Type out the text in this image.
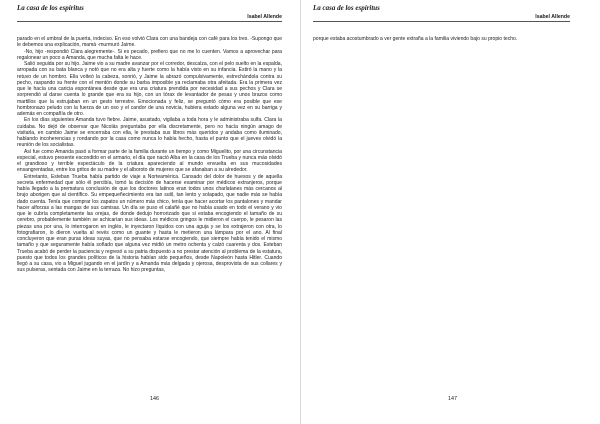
La casa de los espíritus
Isabel Allende

parado en el umbral de la puerta, indeciso. En eso volvió Clara con una bandeja con café para los tres. -Supongo que le debemos una explicación, mamá -murmuró Jaime.

-No, hijo -respondió Clara alegremente-. Si es pecado, prefiero que no me lo cuenten. Vamos a aprovechar para regalonear un poco a Amanda, que mucha falta le hace.

Salió seguida por su hijo. Jaime vio a su madre avanzar por el corredor, descalza, con el pelo suelto en la espalda, arropada con su bata blanca y notó que no era alta y fuerte como la había visto en su infancia. Estiró la mano y la retuvo de un hombro. Ella volteó la cabeza, sonrió, y Jaime la abrazó compulsivamente, estrechándola contra su pecho, raspando su frente con el mentón donde su barba imposible ya reclamaba otra afeitada. Era la primera vez que le hacía una caricia espontánea desde que era una criatura prendida por necesidad a sus pechos y Clara se sorprendió al darse cuenta lo grande que era su hijo, con un tórax de levantador de pesas y unos brazos como martillos que la estrujaban en un gesto terrestre. Emocionada y feliz, se preguntó cómo era posible que ese hombronazo peludo con la fuerza de un oso y el candor de una novicia, hubiera estado alguna vez en su barriga y además en compañía de otro.

En los días siguientes Amanda tuvo fiebre. Jaime, asustado, vigilaba a toda hora y le administraba sulfa. Clara la cuidaba. No dejó de observar que Nicolás preguntaba por ella discretamente, pero no hacía ningún amago de visitarla, en cambio Jaime se encerraba con ella, le prestaba sus libros más queridos y andaba como iluminado, hablando incoherencias y rondando por la casa como nunca lo había hecho, hasta el punto que el jueves olvidó la reunión de los socialistas.

Así fue como Amanda pasó a formar parte de la familia durante un tiempo y como Miguelito, por una circunstancia especial, estuvo presente escondido en el armario, el día que nació Alba en la casa de los Trueba y nunca más olvidó el grandioso y terrible espectáculo de la criatura apareciendo al mundo envuelta en sus mucosidades ensangrentadas, entre los gritos de su madre y el alboroto de mujeres que se afanaban a su alrededor.

Entretanto, Esteban Trueba había partido de viaje a Norteamérica. Cansado del dolor de huesos y de aquella secreta enfermedad que sólo él percibía, tomó la decisión de hacerse examinar por médicos extranjeros, porque había llegado a la prematura conclusión de que los doctores latinos eran todos unos charlatanes más cercanos al brujo aborigen que al científico. Su empequeñecimiento era tan sutil, tan lento y solapado, que nadie más se había dado cuenta. Tenía que comprar los zapatos un número más chico, tenía que hacer acortar los pantalones y mandar hacer alforzas a las mangas de sus camisas. Un día se puso el calañé que no había usado en todo el verano y vio que le cubría completamente las orejas, de donde dedujo horrorizado que si estaba encogiendo el tamaño de su cerebro, probablemente también se achicarían sus ideas. Los médicos gringos le midieron el cuerpo, le pesaron las piezas una por una, lo interrogaron en inglés, le inyectaron líquidos con una aguja y se los extrajeron con otra, lo fotografiaron, lo dieron vuelta al revés como un guante y hasta le metieron una lámpara por el ano. Al final concluyeron que eran puras ideas suyas, que no pensaba estarse encogiendo, que siempre había tenido el mismo tamaño y que seguramente había soñado que alguna vez midió un metro ochenta y calzó cuarenta y dos. Esteban Trueba acabó de perder la paciencia y regresó a su patria dispuesto a no prestar atención al problema de la estatura, puesto que todos los grandes políticos de la historia habían sido pequeños, desde Napoleón hasta Hitler. Cuando llegó a su casa, vio a Miguel jugando en el jardín y a Amanda más delgada y ojerosa, desprovista de sus collares y sus pulseras, sentada con Jaime en la terraza. No hizo preguntas,

146
La casa de los espíritus
Isabel Allende

porque estaba acostumbrado a ver gente extraña a la familia viviendo bajo su propio techo.

147
